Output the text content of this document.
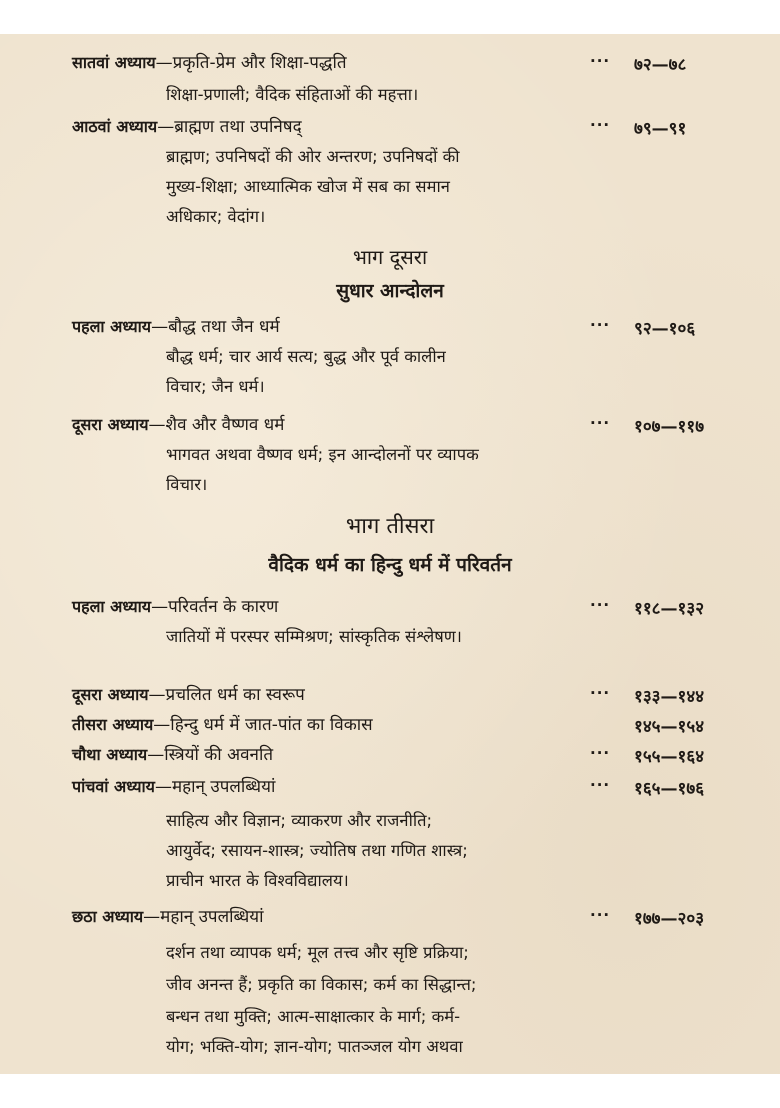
सातवां अध्याय—प्रकृति-प्रेम और शिक्षा-पद्धति	··· ७२—७८
शिक्षा-प्रणाली; वैदिक संहिताओं की महत्ता।
आठवां अध्याय—ब्राह्मण तथा उपनिषद्	··· ७९—९१
ब्राह्मण; उपनिषदों की ओर अन्तरण; उपनिषदों की
मुख्य-शिक्षा; आध्यात्मिक खोज में सब का समान
अधिकार; वेदांग।
भाग दूसरा
सुधार आन्दोलन
पहला अध्याय—बौद्ध तथा जैन धर्म	··· ९२—१०६
बौद्ध धर्म; चार आर्य सत्य; बुद्ध और पूर्व कालीन
विचार; जैन धर्म।
दूसरा अध्याय—शैव और वैष्णव धर्म	··· १०७—११७
भागवत अथवा वैष्णव धर्म; इन आन्दोलनों पर व्यापक
विचार।
भाग तीसरा
वैदिक धर्म का हिन्दु धर्म में परिवर्तन
पहला अध्याय—परिवर्तन के कारण	··· ११८—१३२
जातियों में परस्पर सम्मिश्रण; सांस्कृतिक संश्लेषण।
दूसरा अध्याय—प्रचलित धर्म का स्वरूप	··· १३३—१४४
तीसरा अध्याय—हिन्दु धर्म में जात-पांत का विकास	१४५—१५४
चौथा अध्याय—स्त्रियों की अवनति	··· १५५—१६४
पांचवां अध्याय—महान् उपलब्धियां	··· १६५—१७६
साहित्य और विज्ञान; व्याकरण और राजनीति;
आयुर्वेद; रसायन-शास्त्र; ज्योतिष तथा गणित शास्त्र;
प्राचीन भारत के विश्वविद्यालय।
छठा अध्याय—महान् उपलब्धियां	··· १७७—२०३
दर्शन तथा व्यापक धर्म; मूल तत्त्व और सृष्टि प्रक्रिया;
जीव अनन्त हैं; प्रकृति का विकास; कर्म का सिद्धान्त;
बन्धन तथा मुक्ति; आत्म-साक्षात्कार के मार्ग; कर्म-
योग; भक्ति-योग; ज्ञान-योग; पातञ्जल योग अथवा
